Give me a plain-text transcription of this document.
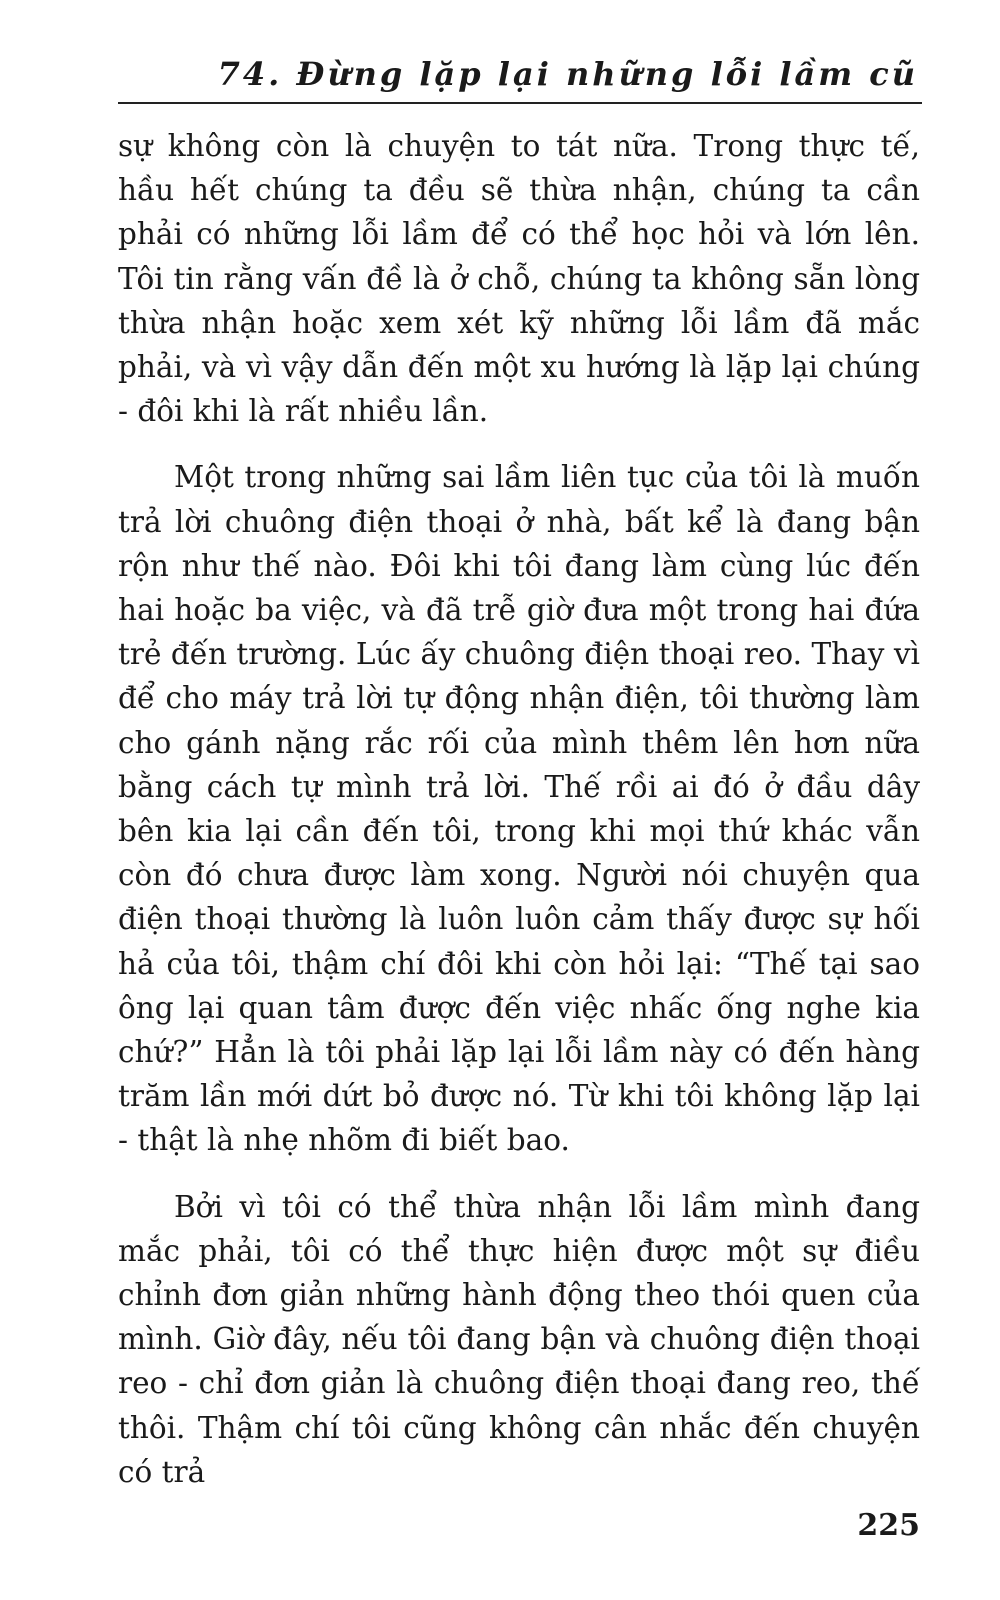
74. Đừng lặp lại những lỗi lầm cũ

sự không còn là chuyện to tát nữa. Trong thực tế, hầu hết chúng ta đều sẽ thừa nhận, chúng ta cần phải có những lỗi lầm để có thể học hỏi và lớn lên. Tôi tin rằng vấn đề là ở chỗ, chúng ta không sẵn lòng thừa nhận hoặc xem xét kỹ những lỗi lầm đã mắc phải, và vì vậy dẫn đến một xu hướng là lặp lại chúng - đôi khi là rất nhiều lần.

Một trong những sai lầm liên tục của tôi là muốn trả lời chuông điện thoại ở nhà, bất kể là đang bận rộn như thế nào. Đôi khi tôi đang làm cùng lúc đến hai hoặc ba việc, và đã trễ giờ đưa một trong hai đứa trẻ đến trường. Lúc ấy chuông điện thoại reo. Thay vì để cho máy trả lời tự động nhận điện, tôi thường làm cho gánh nặng rắc rối của mình thêm lên hơn nữa bằng cách tự mình trả lời. Thế rồi ai đó ở đầu dây bên kia lại cần đến tôi, trong khi mọi thứ khác vẫn còn đó chưa được làm xong. Người nói chuyện qua điện thoại thường là luôn luôn cảm thấy được sự hối hả của tôi, thậm chí đôi khi còn hỏi lại: “Thế tại sao ông lại quan tâm được đến việc nhấc ống nghe kia chứ?” Hẳn là tôi phải lặp lại lỗi lầm này có đến hàng trăm lần mới dứt bỏ được nó. Từ khi tôi không lặp lại - thật là nhẹ nhõm đi biết bao.

Bởi vì tôi có thể thừa nhận lỗi lầm mình đang mắc phải, tôi có thể thực hiện được một sự điều chỉnh đơn giản những hành động theo thói quen của mình. Giờ đây, nếu tôi đang bận và chuông điện thoại reo - chỉ đơn giản là chuông điện thoại đang reo, thế thôi. Thậm chí tôi cũng không cân nhắc đến chuyện có trả

225
